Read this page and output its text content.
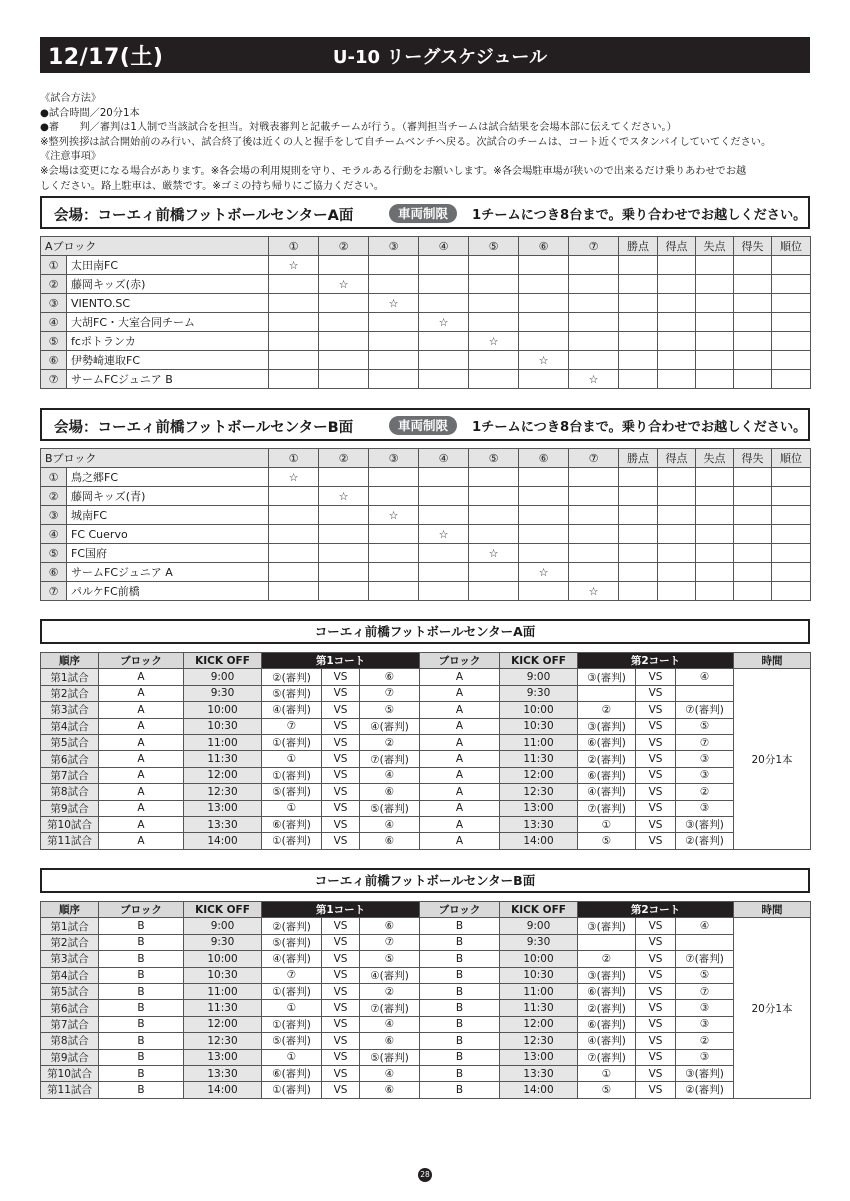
12/17(土)	U-10 リーグスケジュール
《試合方法》
●試合時間／20分1本
●審　　判／審判は1人制で当該試合を担当。対戦表審判と記載チームが行う。（審判担当チームは試合結果を会場本部に伝えてください。）
※整列挨拶は試合開始前のみ行い、試合終了後は近くの人と握手をして自チームベンチへ戻る。次試合のチームは、コート近くでスタンバイしていてください。
《注意事項》
※会場は変更になる場合があります。※各会場の利用規則を守り、モラルある行動をお願いします。※各会場駐車場が狭いので出来るだけ乗りあわせでお越
しください。路上駐車は、厳禁です。※ゴミの持ち帰りにご協力ください。
会場：コーエィ前橋フットボールセンターA面	車両制限	1チームにつき8台まで。乗り合わせでお越しください。
Aブロック		①	②	③	④	⑤	⑥	⑦	勝点	得点	失点	得失	順位
①	太田南FC	☆											
②	藤岡キッズ(赤)		☆										
③	VIENTO.SC			☆									
④	大胡FC・大室合同チーム				☆								
⑤	fcポトランカ					☆							
⑥	伊勢崎連取FC						☆						
⑦	サームFCジュニア B							☆					
会場：コーエィ前橋フットボールセンターB面	車両制限	1チームにつき8台まで。乗り合わせでお越しください。
Bブロック		①	②	③	④	⑤	⑥	⑦	勝点	得点	失点	得失	順位
①	鳥之郷FC	☆											
②	藤岡キッズ(青)		☆										
③	城南FC			☆									
④	FC Cuervo				☆								
⑤	FC国府					☆							
⑥	サームFCジュニア A						☆						
⑦	パルケFC前橋							☆					
コーエィ前橋フットボールセンターA面
順序	ブロック	KICK OFF	第1コート			ブロック	KICK OFF	第2コート			時間
第1試合	A	9:00	②(審判)	VS	⑥	A	9:00	③(審判)	VS	④	20分1本
第2試合	A	9:30	⑤(審判)	VS	⑦	A	9:30		VS		
第3試合	A	10:00	④(審判)	VS	⑤	A	10:00	②	VS	⑦(審判)	
第4試合	A	10:30	⑦	VS	④(審判)	A	10:30	③(審判)	VS	⑤	
第5試合	A	11:00	①(審判)	VS	②	A	11:00	⑥(審判)	VS	⑦	
第6試合	A	11:30	①	VS	⑦(審判)	A	11:30	②(審判)	VS	③	
第7試合	A	12:00	①(審判)	VS	④	A	12:00	⑥(審判)	VS	③	
第8試合	A	12:30	⑤(審判)	VS	⑥	A	12:30	④(審判)	VS	②	
第9試合	A	13:00	①	VS	⑤(審判)	A	13:00	⑦(審判)	VS	③	
第10試合	A	13:30	⑥(審判)	VS	④	A	13:30	①	VS	③(審判)	
第11試合	A	14:00	①(審判)	VS	⑥	A	14:00	⑤	VS	②(審判)	
コーエィ前橋フットボールセンターB面
順序	ブロック	KICK OFF	第1コート			ブロック	KICK OFF	第2コート			時間
第1試合	B	9:00	②(審判)	VS	⑥	B	9:00	③(審判)	VS	④	20分1本
第2試合	B	9:30	⑤(審判)	VS	⑦	B	9:30		VS		
第3試合	B	10:00	④(審判)	VS	⑤	B	10:00	②	VS	⑦(審判)	
第4試合	B	10:30	⑦	VS	④(審判)	B	10:30	③(審判)	VS	⑤	
第5試合	B	11:00	①(審判)	VS	②	B	11:00	⑥(審判)	VS	⑦	
第6試合	B	11:30	①	VS	⑦(審判)	B	11:30	②(審判)	VS	③	
第7試合	B	12:00	①(審判)	VS	④	B	12:00	⑥(審判)	VS	③	
第8試合	B	12:30	⑤(審判)	VS	⑥	B	12:30	④(審判)	VS	②	
第9試合	B	13:00	①	VS	⑤(審判)	B	13:00	⑦(審判)	VS	③	
第10試合	B	13:30	⑥(審判)	VS	④	B	13:30	①	VS	③(審判)	
第11試合	B	14:00	①(審判)	VS	⑥	B	14:00	⑤	VS	②(審判)	
28
